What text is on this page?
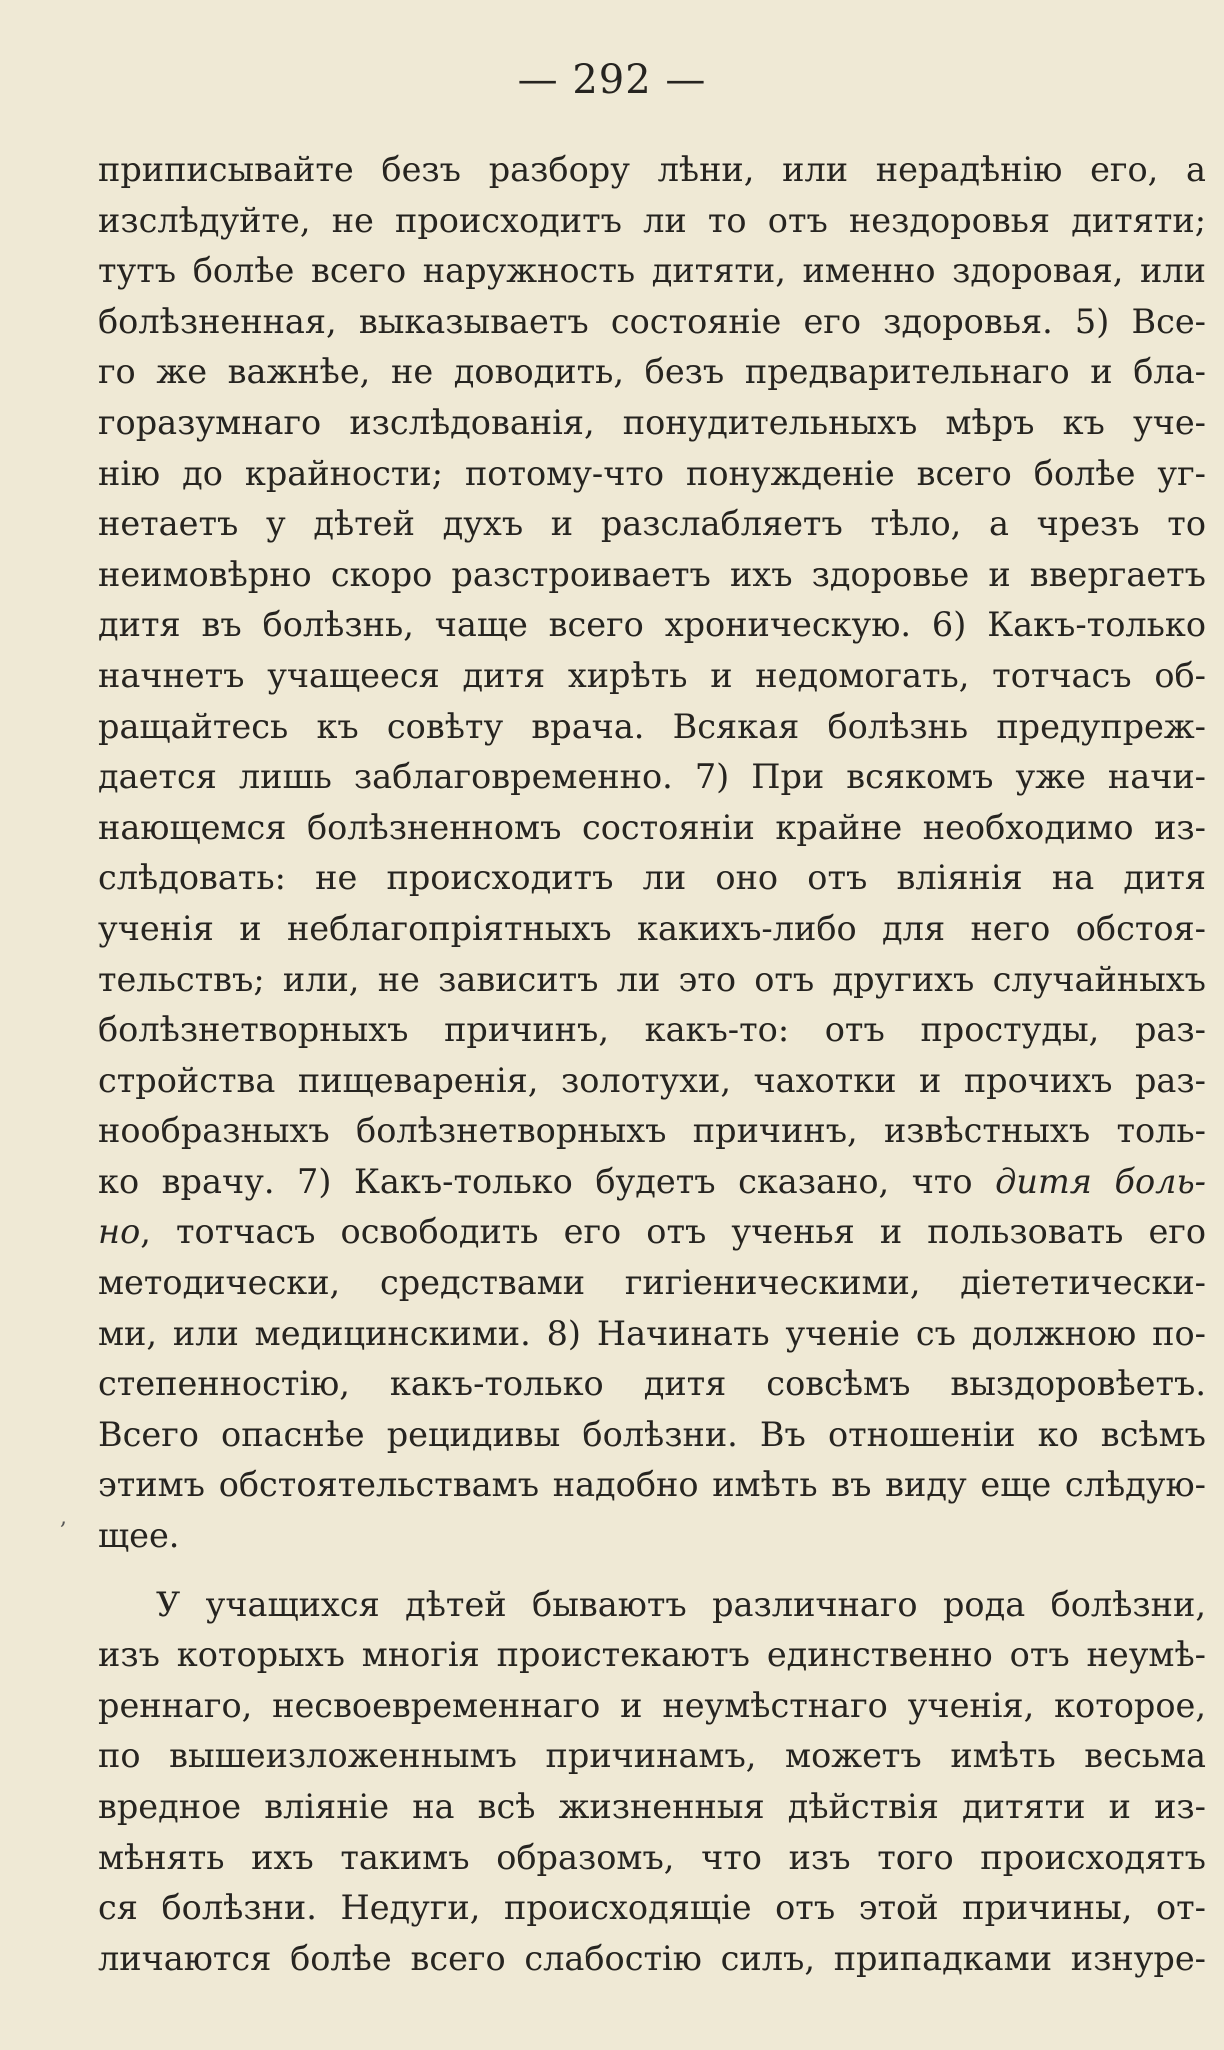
— 292 —
приписывайте безъ разбору лѣни, или нерадѣнію его, а
изслѣдуйте, не происходитъ ли то отъ нездоровья дитяти;
тутъ болѣе всего наружность дитяти, именно здоровая, или
болѣзненная, выказываетъ состояніе его здоровья. 5) Все-
го же важнѣе, не доводить, безъ предварительнаго и бла-
горазумнаго изслѣдованія, понудительныхъ мѣръ къ уче-
нію до крайности; потому-что понужденіе всего болѣе уг-
нетаетъ у дѣтей духъ и разслабляетъ тѣло, а чрезъ то
неимовѣрно скоро разстроиваетъ ихъ здоровье и ввергаетъ
дитя въ болѣзнь, чаще всего хроническую. 6) Какъ-только
начнетъ учащееся дитя хирѣть и недомогать, тотчасъ об-
ращайтесь къ совѣту врача. Всякая болѣзнь предупреж-
дается лишь заблаговременно. 7) При всякомъ уже начи-
нающемся болѣзненномъ состояніи крайне необходимо из-
слѣдовать: не происходитъ ли оно отъ вліянія на дитя
ученія и неблагопріятныхъ какихъ-либо для него обстоя-
тельствъ; или, не зависитъ ли это отъ другихъ случайныхъ
болѣзнетворныхъ причинъ, какъ-то: отъ простуды, раз-
стройства пищеваренія, золотухи, чахотки и прочихъ раз-
нообразныхъ болѣзнетворныхъ причинъ, извѣстныхъ толь-
ко врачу. 7) Какъ-только будетъ сказано, что дитя боль-
но, тотчасъ освободить его отъ ученья и пользовать его
методически, средствами гигіеническими, діететически-
ми, или медицинскими. 8) Начинать ученіе съ должною по-
степенностію, какъ-только дитя совсѣмъ выздоровѣетъ.
Всего опаснѣе рецидивы болѣзни. Въ отношеніи ко всѣмъ
этимъ обстоятельствамъ надобно имѣть въ виду еще слѣдую-
щее.
У учащихся дѣтей бываютъ различнаго рода болѣзни,
изъ которыхъ многія проистекаютъ единственно отъ неумѣ-
реннаго, несвоевременнаго и неумѣстнаго ученія, которое,
по вышеизложеннымъ причинамъ, можетъ имѣть весьма
вредное вліяніе на всѣ жизненныя дѣйствія дитяти и из-
мѣнять ихъ такимъ образомъ, что изъ того происходятъ
ся болѣзни. Недуги, происходящіе отъ этой причины, от-
личаются болѣе всего слабостію силъ, припадками изнуре-
,
